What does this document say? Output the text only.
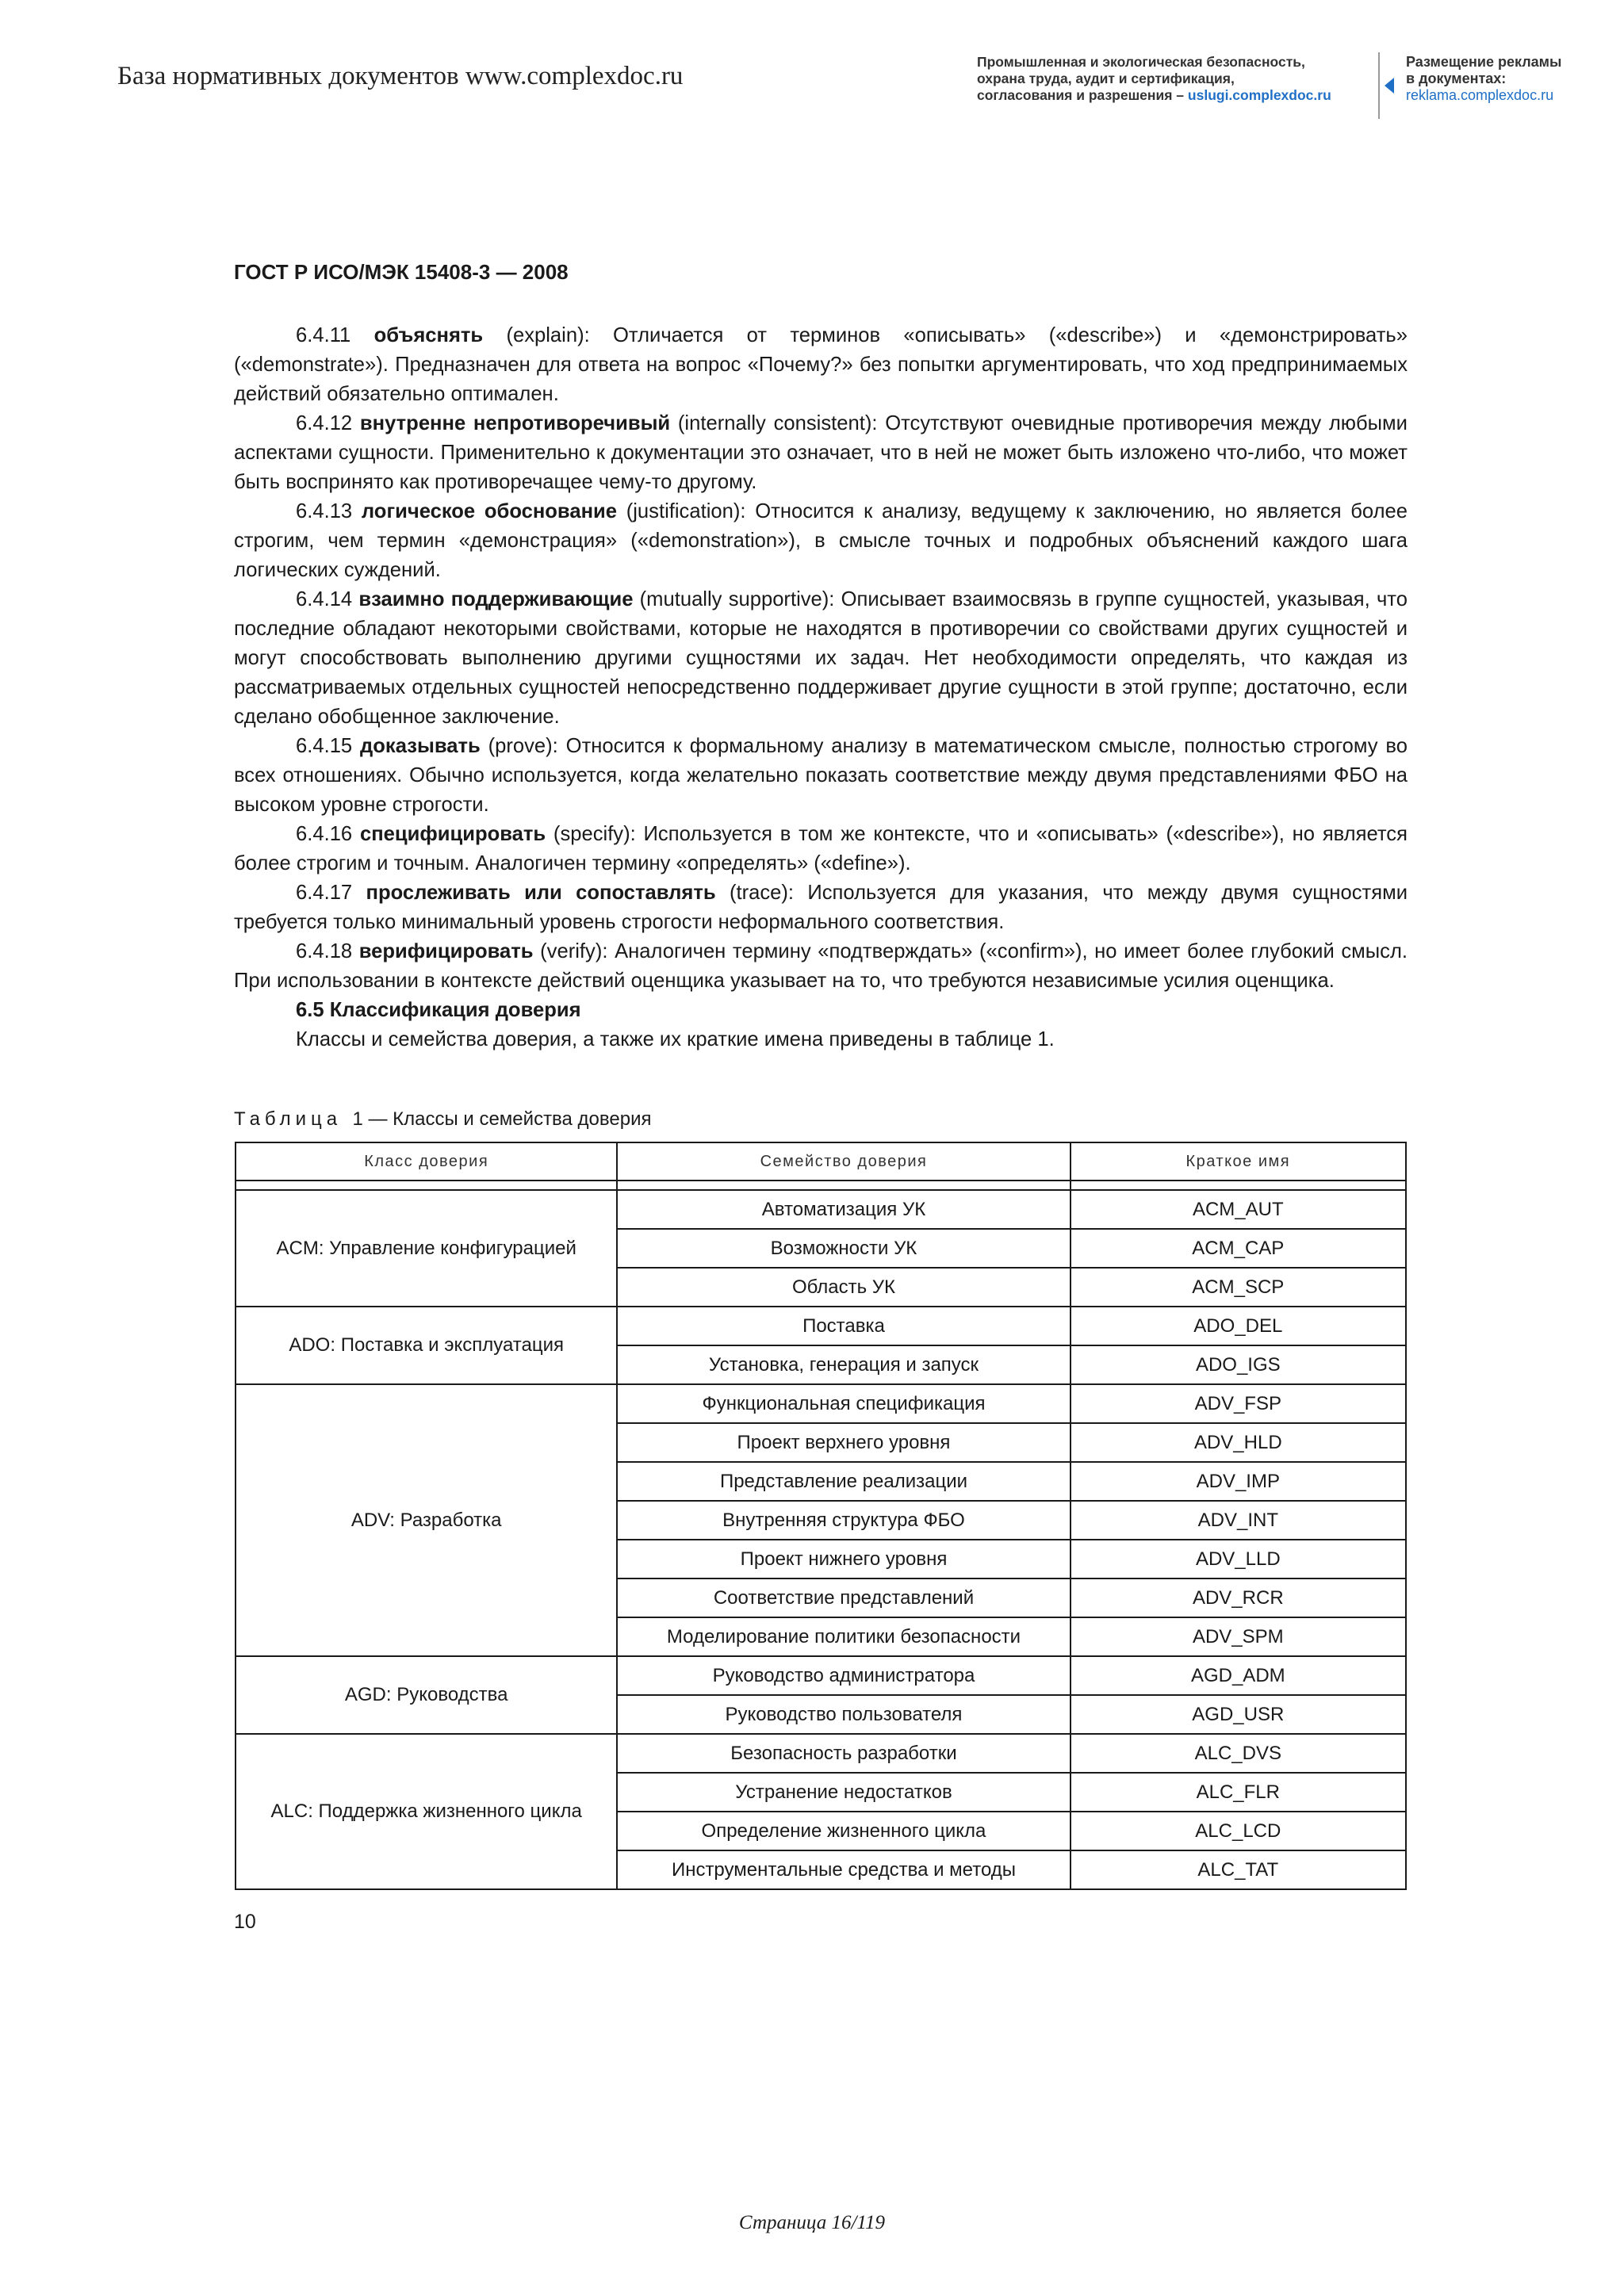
База нормативных документов www.complexdoc.ru	Промышленная и экологическая безопасность,
охрана труда, аудит и сертификация,
согласования и разрешения – uslugi.complexdoc.ru
Размещение рекламы
в документах:
reklama.complexdoc.ru
ГОСТ Р ИСО/МЭК 15408-3 — 2008

6.4.11 объяснять (explain): Отличается от терминов «описывать» («describe») и «демонстрировать» («demonstrate»). Предназначен для ответа на вопрос «Почему?» без попытки аргументировать, что ход предпринимаемых действий обязательно оптимален.

6.4.12 внутренне непротиворечивый (internally consistent): Отсутствуют очевидные противоречия между любыми аспектами сущности. Применительно к документации это означает, что в ней не может быть изложено что-либо, что может быть воспринято как противоречащее чему-то другому.

6.4.13 логическое обоснование (justification): Относится к анализу, ведущему к заключению, но является более строгим, чем термин «демонстрация» («demonstration»), в смысле точных и подробных объяснений каждого шага логических суждений.

6.4.14 взаимно поддерживающие (mutually supportive): Описывает взаимосвязь в группе сущностей, указывая, что последние обладают некоторыми свойствами, которые не находятся в противоречии со свойствами других сущностей и могут способствовать выполнению другими сущностями их задач. Нет необходимости определять, что каждая из рассматриваемых отдельных сущностей непосредственно поддерживает другие сущности в этой группе; достаточно, если сделано обобщенное заключение.

6.4.15 доказывать (prove): Относится к формальному анализу в математическом смысле, полностью строгому во всех отношениях. Обычно используется, когда желательно показать соответствие между двумя представлениями ФБО на высоком уровне строгости.

6.4.16 специфицировать (specify): Используется в том же контексте, что и «описывать» («describe»), но является более строгим и точным. Аналогичен термину «определять» («define»).

6.4.17 прослеживать или сопоставлять (trace): Используется для указания, что между двумя сущностями требуется только минимальный уровень строгости неформального соответствия.

6.4.18 верифицировать (verify): Аналогичен термину «подтверждать» («confirm»), но имеет более глубокий смысл. При использовании в контексте действий оценщика указывает на то, что требуются независимые усилия оценщика.

6.5 Классификация доверия

Классы и семейства доверия, а также их краткие имена приведены в таблице 1.

Таблица 1 — Классы и семейства доверия
Класс доверия	Семейство доверия	Краткое имя

ACM: Управление конфигурацией	Автоматизация УК	ACM_AUT
	Возможности УК	ACM_CAP
	Область УК	ACM_SCP
ADO: Поставка и эксплуатация	Поставка	ADO_DEL
	Установка, генерация и запуск	ADO_IGS
ADV: Разработка	Функциональная спецификация	ADV_FSP
	Проект верхнего уровня	ADV_HLD
	Представление реализации	ADV_IMP
	Внутренняя структура ФБО	ADV_INT
	Проект нижнего уровня	ADV_LLD
	Соответствие представлений	ADV_RCR
	Моделирование политики безопасности	ADV_SPM
AGD: Руководства	Руководство администратора	AGD_ADM
	Руководство пользователя	AGD_USR
ALC: Поддержка жизненного цикла	Безопасность разработки	ALC_DVS
	Устранение недостатков	ALC_FLR
	Определение жизненного цикла	ALC_LCD
	Инструментальные средства и методы	ALC_TAT
10
Страница 16/119
